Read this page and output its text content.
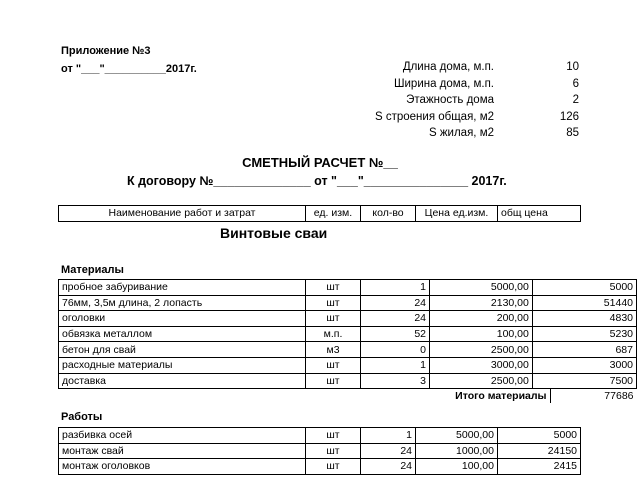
Приложение №3
от "___"__________2017г.	Длина дома, м.п.	10
Ширина дома, м.п.	6
Этажность дома	2
S строения общая, м2	126
S жилая, м2	85
СМЕТНЫЙ РАСЧЕТ №__
К договору №______________ от "___"_______________ 2017г.
Наименование работ и затрат	ед. изм.	кол-во	Цена ед.изм.	общ цена
Винтовые сваи
Материалы
пробное забуривание	шт	1	5000,00	5000
76мм, 3,5м длина, 2 лопасть	шт	24	2130,00	51440
оголовки	шт	24	200,00	4830
обвязка металлом	м.п.	52	100,00	5230
бетон для свай	м3	0	2500,00	687
расходные материалы	шт	1	3000,00	3000
доставка	шт	3	2500,00	7500
		Итого материалы 77686		
Работы
разбивка осей	шт	1	5000,00	5000
монтаж свай	шт	24	1000,00	24150
монтаж оголовков	шт	24	100,00	2415
